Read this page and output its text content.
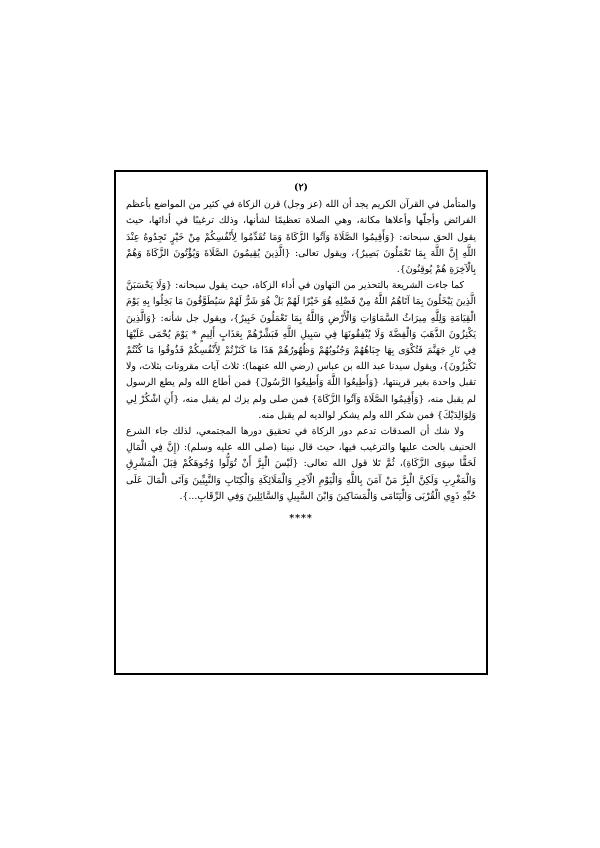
(٢)

والمتأمل في القرآن الكريم يجد أن الله (عز وجل) قرن الزكاة في كثير من المواضع بأعظم الفرائض وأجلّها وأعلاها مكانة، وهي الصلاة تعظيمًا لشأنها، وذلك ترغيبًا في أدائها، حيث يقول الحق سبحانه: {وَأَقِيمُوا الصَّلَاةَ وَآتُوا الزَّكَاةَ وَمَا تُقَدِّمُوا لِأَنْفُسِكُمْ مِنْ خَيْرٍ تَجِدُوهُ عِنْدَ اللَّهِ إِنَّ اللَّهَ بِمَا تَعْمَلُونَ بَصِيرٌ}، ويقول تعالى: {الَّذِينَ يُقِيمُونَ الصَّلَاةَ وَيُؤْتُونَ الزَّكَاةَ وَهُمْ بِالْآخِرَةِ هُمْ يُوقِنُونَ}.

كما جاءت الشريعة بالتحذير من التهاون في أداء الزكاة، حيث يقول سبحانه: {وَلَا يَحْسَبَنَّ الَّذِينَ يَبْخَلُونَ بِمَا آتَاهُمُ اللَّهُ مِنْ فَضْلِهِ هُوَ خَيْرًا لَهُمْ بَلْ هُوَ شَرٌّ لَهُمْ سَيُطَوَّقُونَ مَا بَخِلُوا بِهِ يَوْمَ الْقِيَامَةِ وَلِلَّهِ مِيرَاثُ السَّمَاوَاتِ وَالْأَرْضِ وَاللَّهُ بِمَا تَعْمَلُونَ خَبِيرٌ}، ويقول جل شأنه: {وَالَّذِينَ يَكْنِزُونَ الذَّهَبَ وَالْفِضَّةَ وَلَا يُنْفِقُونَهَا فِي سَبِيلِ اللَّهِ فَبَشِّرْهُمْ بِعَذَابٍ أَلِيمٍ * يَوْمَ يُحْمَى عَلَيْهَا فِي نَارِ جَهَنَّمَ فَتُكْوَى بِهَا جِبَاهُهُمْ وَجُنُوبُهُمْ وَظُهُورُهُمْ هَذَا مَا كَنَزْتُمْ لِأَنْفُسِكُمْ فَذُوقُوا مَا كُنْتُمْ تَكْنِزُونَ}، ويقول سيدنا عبد الله بن عباس (رضي الله عنهما): ثلاث آيات مقرونات بثلاث، ولا تقبل واحدة بغير قرينتها، {وَأَطِيعُوا اللَّهَ وَأَطِيعُوا الرَّسُولَ} فمن أطاع الله ولم يطع الرسول لم يقبل منه، {وَأَقِيمُوا الصَّلَاةَ وَآتُوا الزَّكَاةَ} فمن صلى ولم يزك لم يقبل منه، {أَنِ اشْكُرْ لِي وَلِوَالِدَيْكَ} فمن شكر الله ولم يشكر لوالديه لم يقبل منه.

ولا شك أن الصدقات تدعم دور الزكاة في تحقيق دورها المجتمعي، لذلك جاء الشرع الحنيف بالحث عليها والترغيب فيها، حيث قال نبينا (صلى الله عليه وسلم): (إِنَّ فِي الْمَالِ لَحَقًّا سِوَى الزَّكَاةِ)، ثُمَّ تَلا قول الله تعالى: {لَيْسَ الْبِرَّ أَنْ تُوَلُّوا وُجُوهَكُمْ قِبَلَ الْمَشْرِقِ وَالْمَغْرِبِ وَلَكِنَّ الْبِرَّ مَنْ آمَنَ بِاللَّهِ وَالْيَوْمِ الْآخِرِ وَالْمَلَائِكَةِ وَالْكِتَابِ وَالنَّبِيِّينَ وَآتَى الْمَالَ عَلَى حُبِّهِ ذَوِي الْقُرْبَى وَالْيَتَامَى وَالْمَسَاكِينَ وَابْنَ السَّبِيلِ وَالسَّائِلِينَ وَفِي الرِّقَابِ...}.

****
